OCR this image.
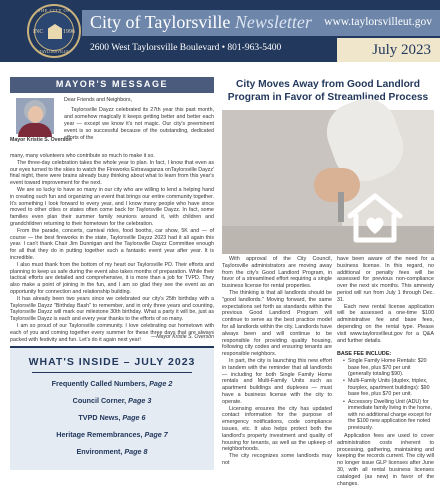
THE CITY OF
TAYLORSVILLE
INC	1996 City of Taylorsville Newsletter www.taylorsvilleut.gov
2600 West Taylorsville Boulevard • 801-963-5400	July 2023
MAYOR'S MESSAGE
Mayor Kristie S. Overson
Dear Friends and Neighbors,

Taylorsville Dayzz celebrated its 27th year this past month, and somehow magically it keeps getting better and better each year — except we know it's not magic. Our city's preeminent event is so successful because of the outstanding, dedicated efforts of the

many, many volunteers who contribute so much to make it so.

The three-day celebration takes the whole year to plan. In fact, I know that even as our eyes turned to the skies to watch the Fireworks Extravaganza onTaylorsville Dayzz' final night, there were brains already busy thinking about what to learn from this year's event toward improvement for the next.

We are so lucky to have so many in our city who are willing to lend a helping hand in creating such fun and organizing an event that brings our entire community together. It's something I look forward to every year, and I know many people who have since moved to other cities or states often come back for Taylorsville Dayzz. In fact, some families even plan their summer family reunions around it, with children and grandchildren returning to their hometown for the celebration.

From the parade, concerts, carnival rides, food booths, car show, 5K and — of course — the best fireworks in the state, Taylorsville Dayzz 2023 had it all again this year. I can't thank Chair Jim Dunnigan and the Taylorsville Dayzz Committee enough for all that they do in putting together such a fantastic event year after year. It is incredible.

I also must thank from the bottom of my heart our Taylorsville PD. Their efforts and planning to keep us safe during the event also takes months of preparation. While their tactical efforts are detailed and comprehensive, it is more than a job for TVPD. They also make a point of joining in the fun, and I am so glad they see the event as an opportunity for connection and relationship building.

It has already been two years since we celebrated our city's 25th birthday with a Taylorsville Dayzz "Birthday Bash" to remember, and in only three years and counting, Taylorsville Dayzz will mark our milestone 30th birthday. What a party it will be, just as Taylorsville Dayzz is each and every year thanks to the efforts of so many.

I am so proud of our Taylorsville community. I love celebrating our hometown with each of you and coming together every summer for these three days that are always packed with festivity and fun. Let's do it again next year!	—Mayor Kristie S. Overson
WHAT'S INSIDE – JULY 2023
Frequently Called Numbers, Page 2
Council Corner, Page 3
TVPD News, Page 6
Heritage Remembrances, Page 7
Environment, Page 8
City Moves Away from Good Landlord Program in Favor of Streamlined Process

With approval of the City Council, Taylorsville administrators are moving away from the city's Good Landlord Program, in favor of a streamlined effort requiring a single business license for rental properties.

The thinking is that all landlords should be "good landlords." Moving forward, the same expectations set forth as standards within the previous Good Landlord Program will continue to serve as the best practice model for all landlords within the city. Landlords have always been and will continue to be responsible for providing quality housing, following city codes and ensuring tenants are responsible neighbors.

In part, the city is launching this new effort in tandem with the reminder that all landlords — including for both Single Family Home rentals and Multi-Family Units such as apartment buildings and duplexes — must have a business license with the city to operate.

Licensing ensures the city has updated contact information for the purpose of emergency notifications, code compliance issues, etc. It also helps protect both the landlord's property investment and quality of housing for tenants, as well as the upkeep of neighborhoods.

The city recognizes some landlords may not

have been aware of the need for a business license. In this regard, no additional or penalty fees will be assessed for previous non-compliance over the next six months. This amnesty period will run from July 1 through Dec. 31.

Each new rental license application will be assessed a one-time $100 administrative fee and base fees, depending on the rental type. Please visit www.taylorsvilleut.gov for a Q&A and further details.

BASE FEE INCLUDE:
• Single Family Home Rentals: $20 base fee, plus $70 per unit (generally totaling $90).
• Multi-Family Units (duplex, triplex, fourplex, apartment buildings): $90 base fee, plus $70 per unit.
• Accessory Dwelling Unit (ADU) for immediate family living in the home, with no additional charge except for the $100 new application fee noted previously.
Application fees are used to cover administration costs inherent to processing, gathering, maintaining and keeping the records current. The city will no longer issue GLP licenses after June 30, with all rental business licenses cataloged (as new) in favor of the changes.
